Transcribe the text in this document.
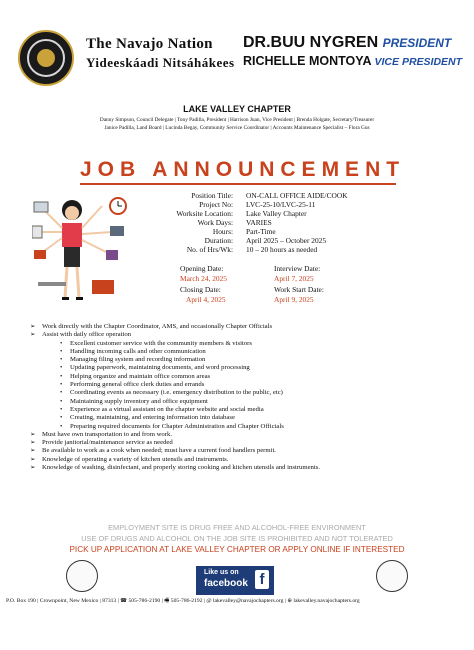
The Navajo Nation
Yideeskáadi Nitsáhákees
DR.BUU NYGREN PRESIDENT
RICHELLE MONTOYA VICE PRESIDENT
LAKE VALLEY CHAPTER
Danny Simpson, Council Delegate | Tony Padilla, President | Harrison Juan, Vice President | Brenda Holgate, Secretary/Treasurer
Janice Padilla, Land Board | Lucinda Begay, Community Service Coordinator | Accounts Maintenance Specialist – Flora Gus
JOB ANNOUNCEMENT
Position Title: ON-CALL OFFICE AIDE/COOK
Project No: LVC-25-10/LVC-25-11
Worksite Location: Lake Valley Chapter
Work Days: VARIES
Hours: Part-Time
Duration: April 2025 – October 2025
No. of Hrs/Wk: 10 – 20 hours as needed
Opening Date:
March 24, 2025
Closing Date:
April 4, 2025
Interview Date:
April 7, 2025
Work Start Date:
April 9, 2025
➢ Work directly with the Chapter Coordinator, AMS, and occasionally Chapter Officials
➢ Assist with daily office operation
• Excellent customer service with the community members & visitors
• Handling incoming calls and other communication
• Managing filing system and recording information
• Updating paperwork, maintaining documents, and word processing
• Helping organize and maintain office common areas
• Performing general office clerk duties and errands
• Coordinating events as necessary (i.e. emergency distribution to the public, etc)
• Maintaining supply inventory and office equipment
• Experience as a virtual assistant on the chapter website and social media
• Creating, maintaining, and entering information into database
• Preparing required documents for Chapter Administration and Chapter Officials
➢ Must have own transportation to and from work.
➢ Provide janitorial/maintenance service as needed
➢ Be available to work as a cook when needed; must have a current food handlers permit.
➢ Knowledge of operating a variety of kitchen utensils and instruments.
➢ Knowledge of washing, disinfectant, and properly storing cooking and kitchen utensils and instruments.
EMPLOYMENT SITE IS DRUG FREE AND ALCOHOL-FREE ENVIRONMENT
USE OF DRUGS AND ALCOHOL ON THE JOB SITE IS PROHIBITED AND NOT TOLERATED
PICK UP APPLICATION AT LAKE VALLEY CHAPTER OR APPLY ONLINE IF INTERESTED
Like us on
facebook f
P.O. Box 190 | Crownpoint, New Mexico | 87313 | ☎ 505-786-2190 | 🖷 505-786-2192 | @ lakevalley@navajochapters.org | ⊕ lakevalley.navajochapters.org
